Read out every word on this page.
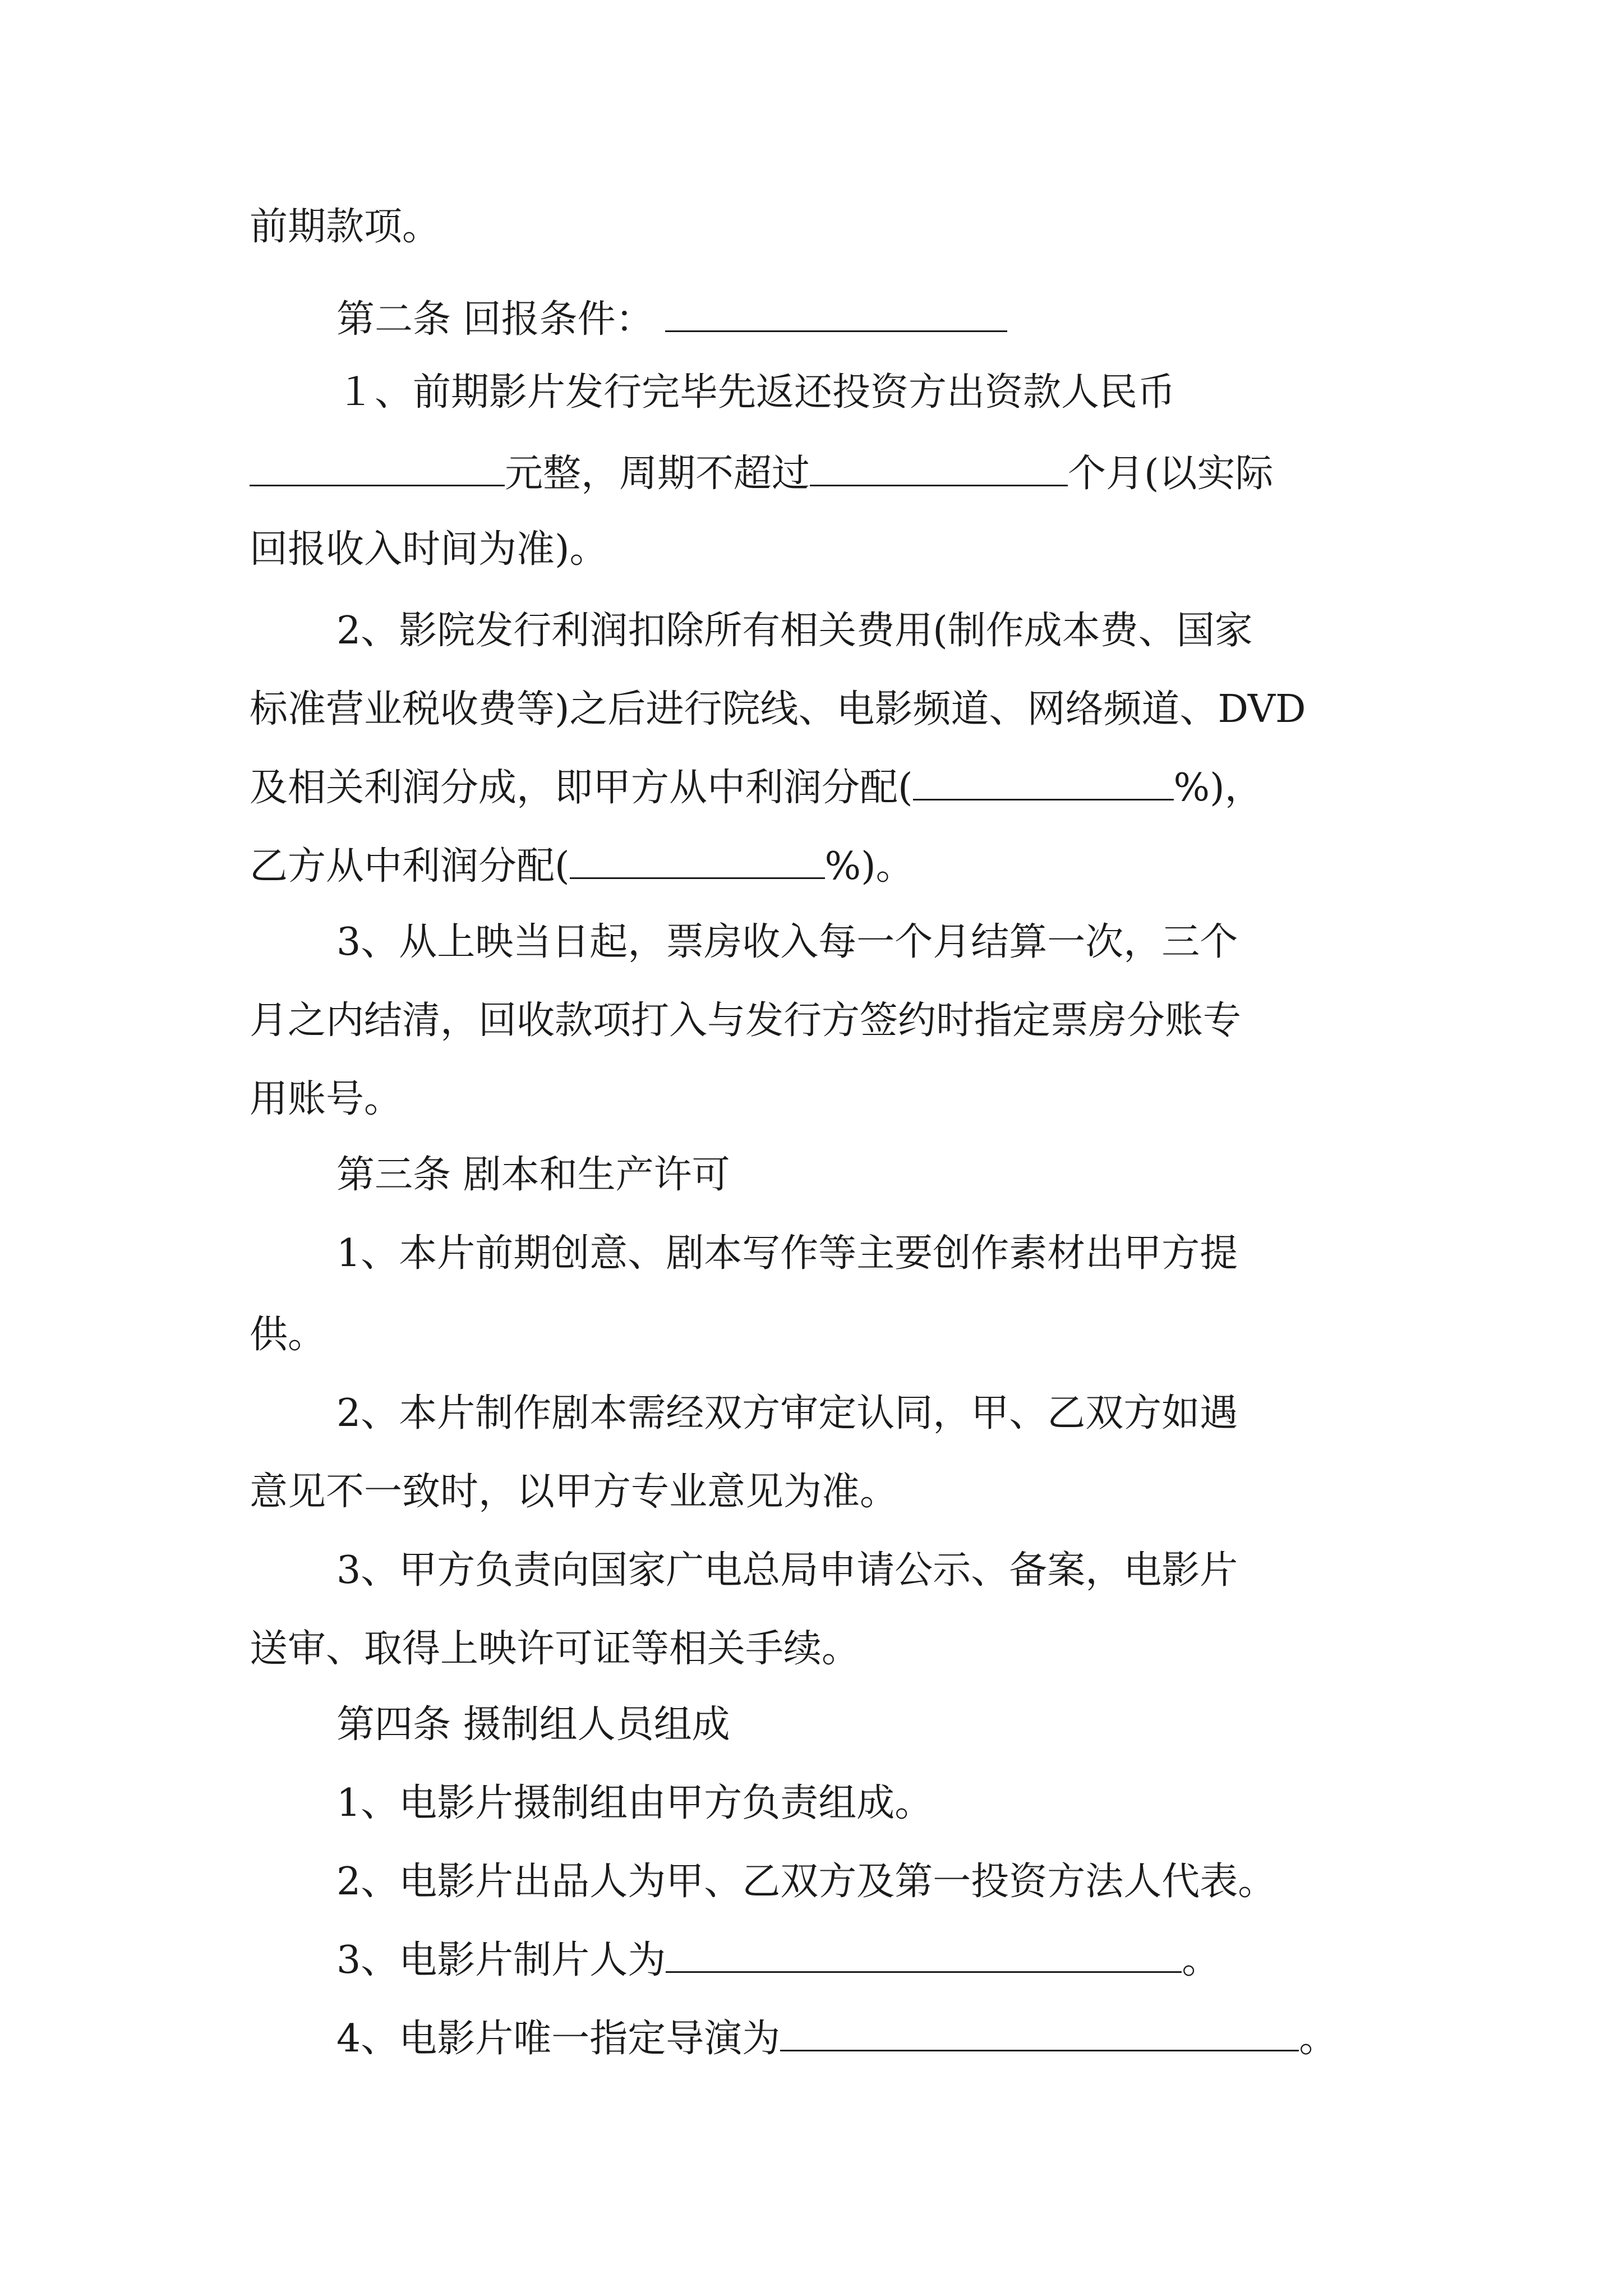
前期款项。
第二条 回报条件：
１、前期影片发行完毕先返还投资方出资款人民币
元整，周期不超过	个月(以实际
回报收入时间为准)。
2、影院发行利润扣除所有相关费用(制作成本费、国家
标准营业税收费等)之后进行院线、电影频道、网络频道、DVD
及相关利润分成，即甲方从中利润分配(	%)，
乙方从中利润分配(	%)。
3、从上映当日起，票房收入每一个月结算一次，三个
月之内结清，回收款项打入与发行方签约时指定票房分账专
用账号。
第三条 剧本和生产许可
1、本片前期创意、剧本写作等主要创作素材出甲方提
供。
2、本片制作剧本需经双方审定认同，甲、乙双方如遇
意见不一致时，以甲方专业意见为准。
3、甲方负责向国家广电总局申请公示、备案，电影片
送审、取得上映许可证等相关手续。
第四条 摄制组人员组成
1、电影片摄制组由甲方负责组成。
2、电影片出品人为甲、乙双方及第一投资方法人代表。
3、电影片制片人为	。
4、电影片唯一指定导演为	。
